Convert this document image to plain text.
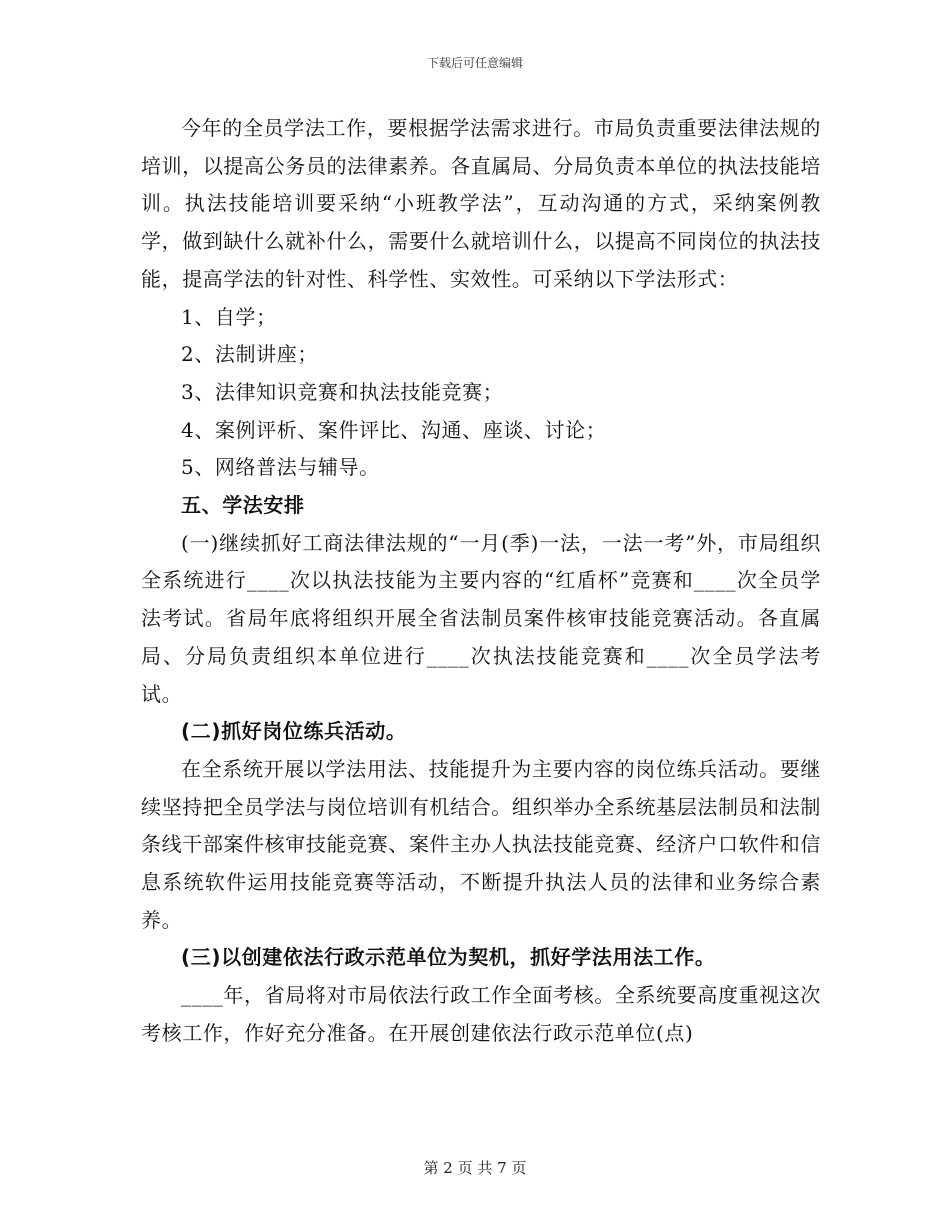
下载后可任意编辑

今年的全员学法工作，要根据学法需求进行。市局负责重要法律法规的培训，以提高公务员的法律素养。各直属局、分局负责本单位的执法技能培训。执法技能培训要采纳“小班教学法”，互动沟通的方式，采纳案例教学，做到缺什么就补什么，需要什么就培训什么，以提高不同岗位的执法技能，提高学法的针对性、科学性、实效性。可采纳以下学法形式：

1、自学；

2、法制讲座；

3、法律知识竞赛和执法技能竞赛；

4、案例评析、案件评比、沟通、座谈、讨论；

5、网络普法与辅导。

五、学法安排

(一)继续抓好工商法律法规的“一月(季)一法，一法一考”外，市局组织全系统进行____次以执法技能为主要内容的“红盾杯”竞赛和____次全员学法考试。省局年底将组织开展全省法制员案件核审技能竞赛活动。各直属局、分局负责组织本单位进行____次执法技能竞赛和____次全员学法考试。

(二)抓好岗位练兵活动。

在全系统开展以学法用法、技能提升为主要内容的岗位练兵活动。要继续坚持把全员学法与岗位培训有机结合。组织举办全系统基层法制员和法制条线干部案件核审技能竞赛、案件主办人执法技能竞赛、经济户口软件和信息系统软件运用技能竞赛等活动，不断提升执法人员的法律和业务综合素养。

(三)以创建依法行政示范单位为契机，抓好学法用法工作。

____年，省局将对市局依法行政工作全面考核。全系统要高度重视这次考核工作，作好充分准备。在开展创建依法行政示范单位(点)

第 2 页 共 7 页
